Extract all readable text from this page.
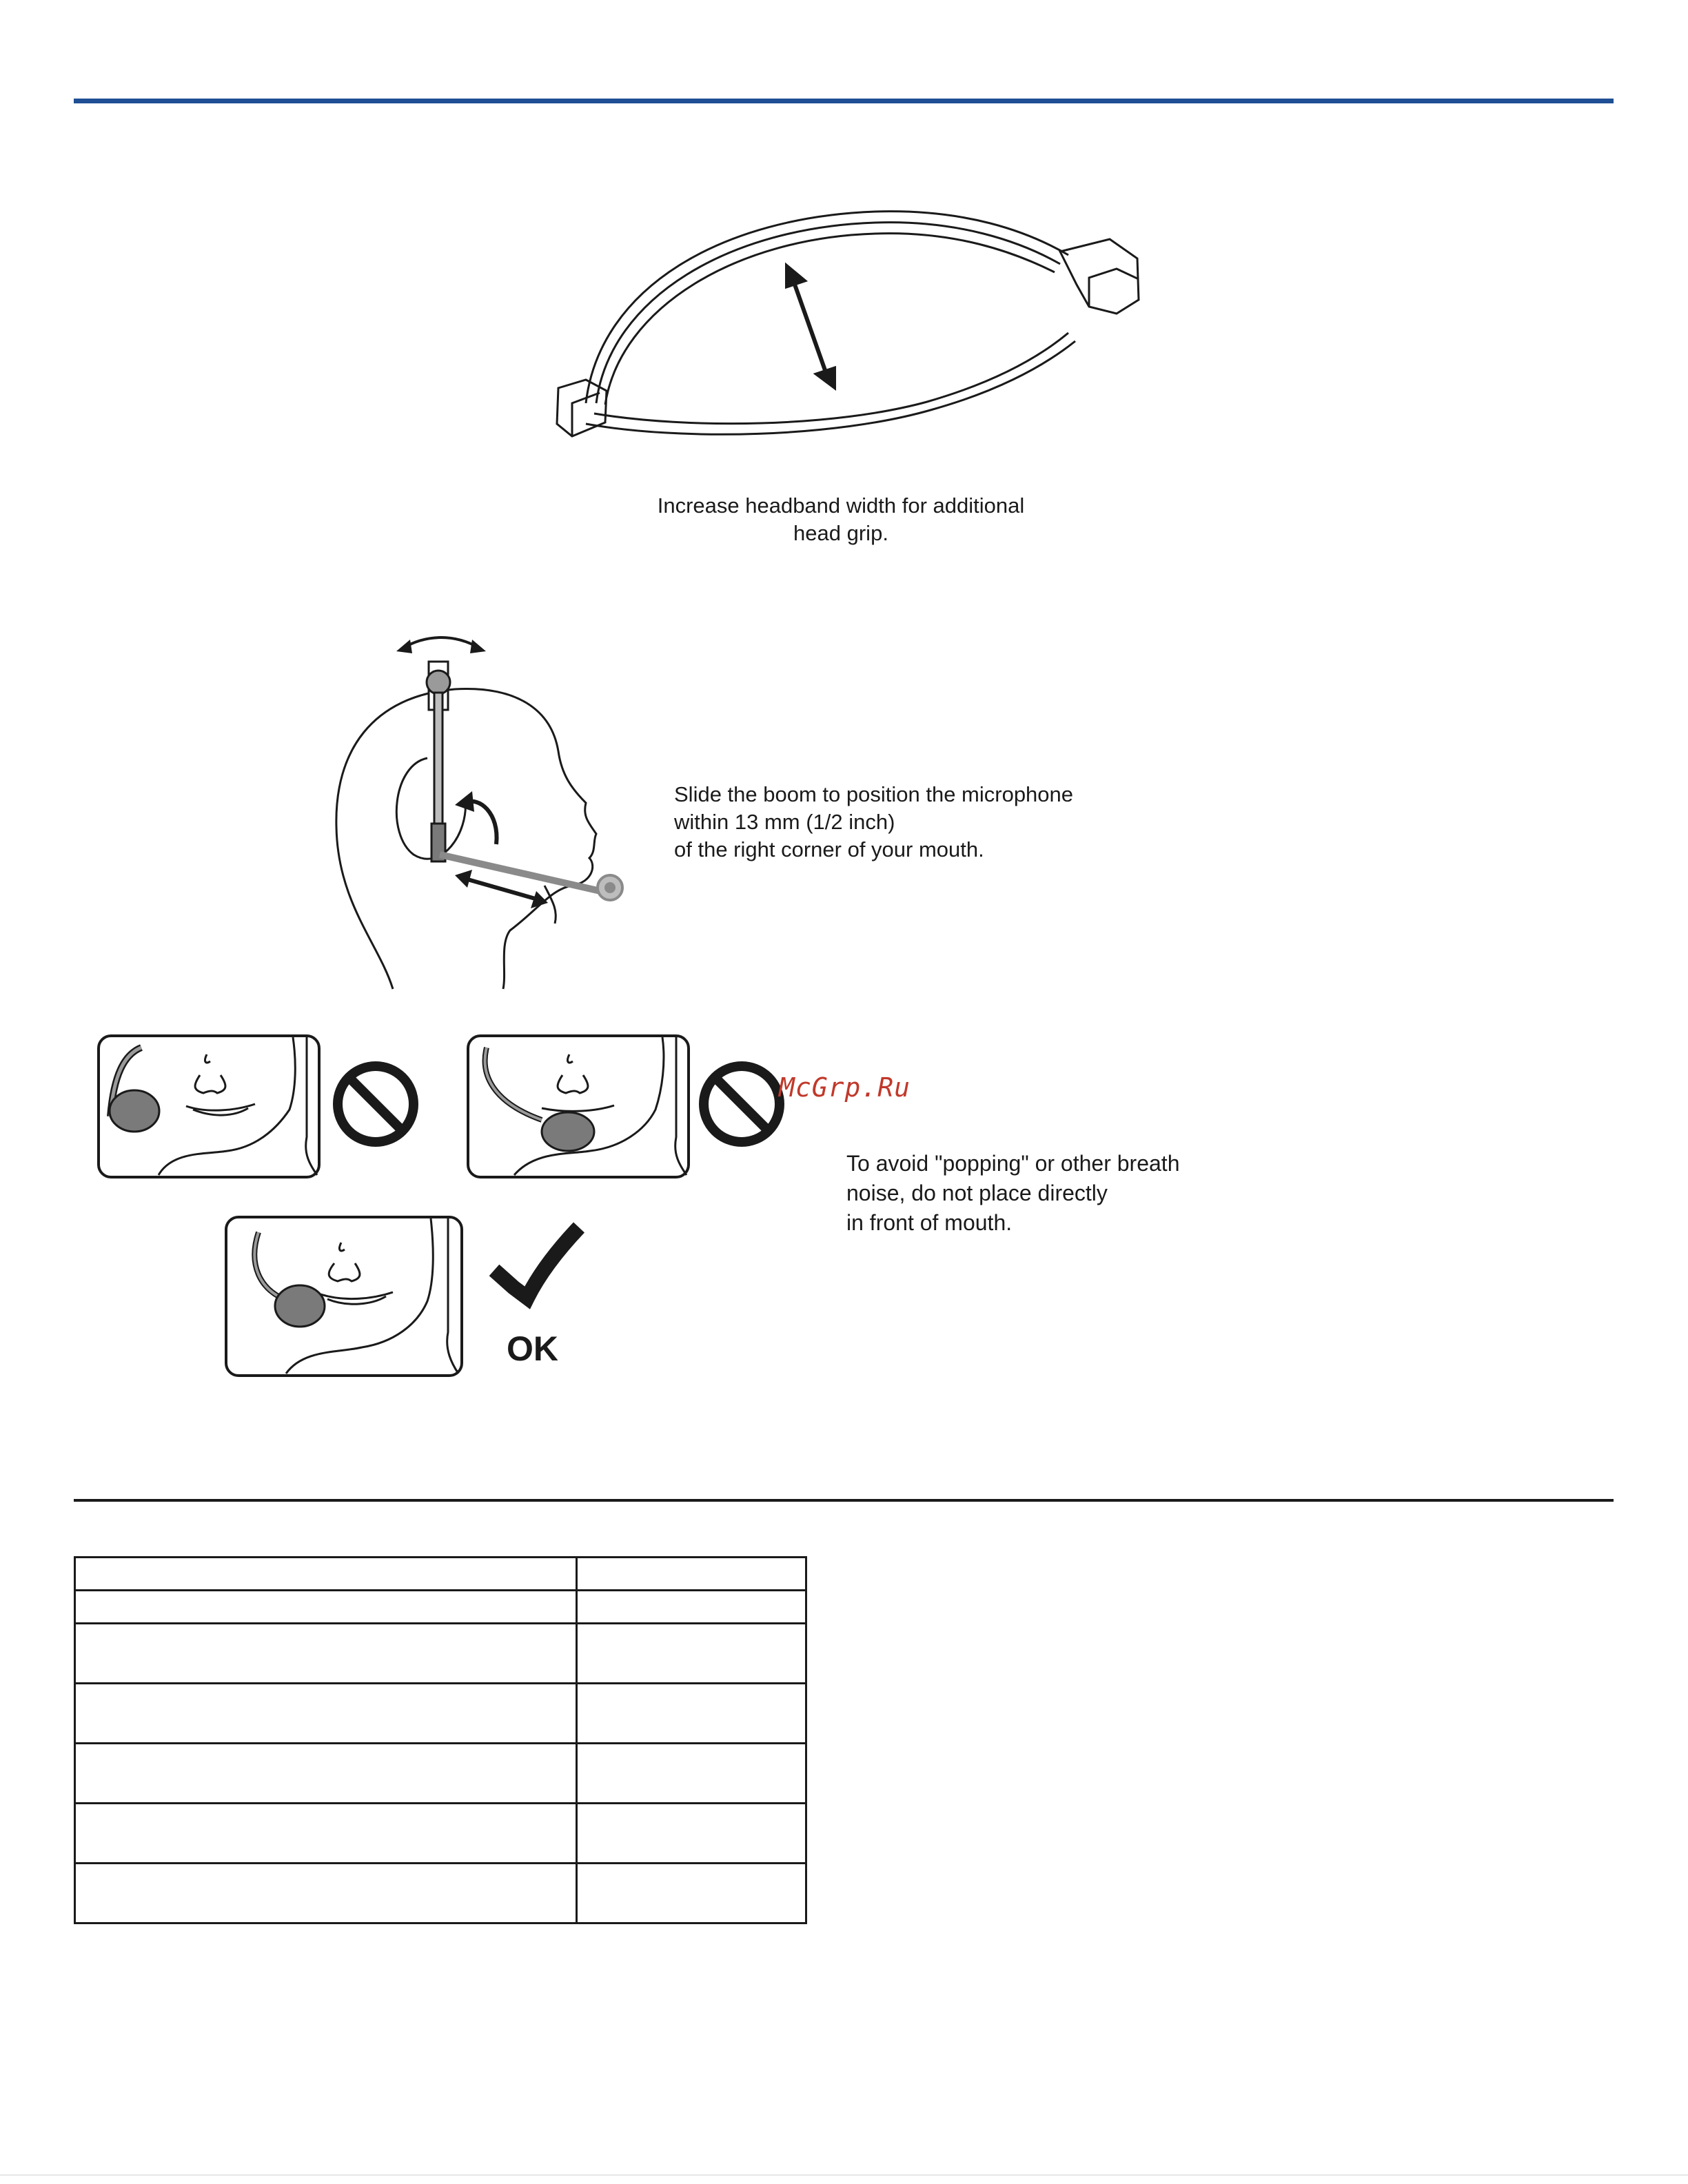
Increase headband width for additional
head grip.
Slide the boom to position the microphone
within 13 mm (1/2 inch)
of the right corner of your mouth.
McGrp.Ru
OK
To avoid "popping" or other breath
noise, do not place directly
in front of mouth.
